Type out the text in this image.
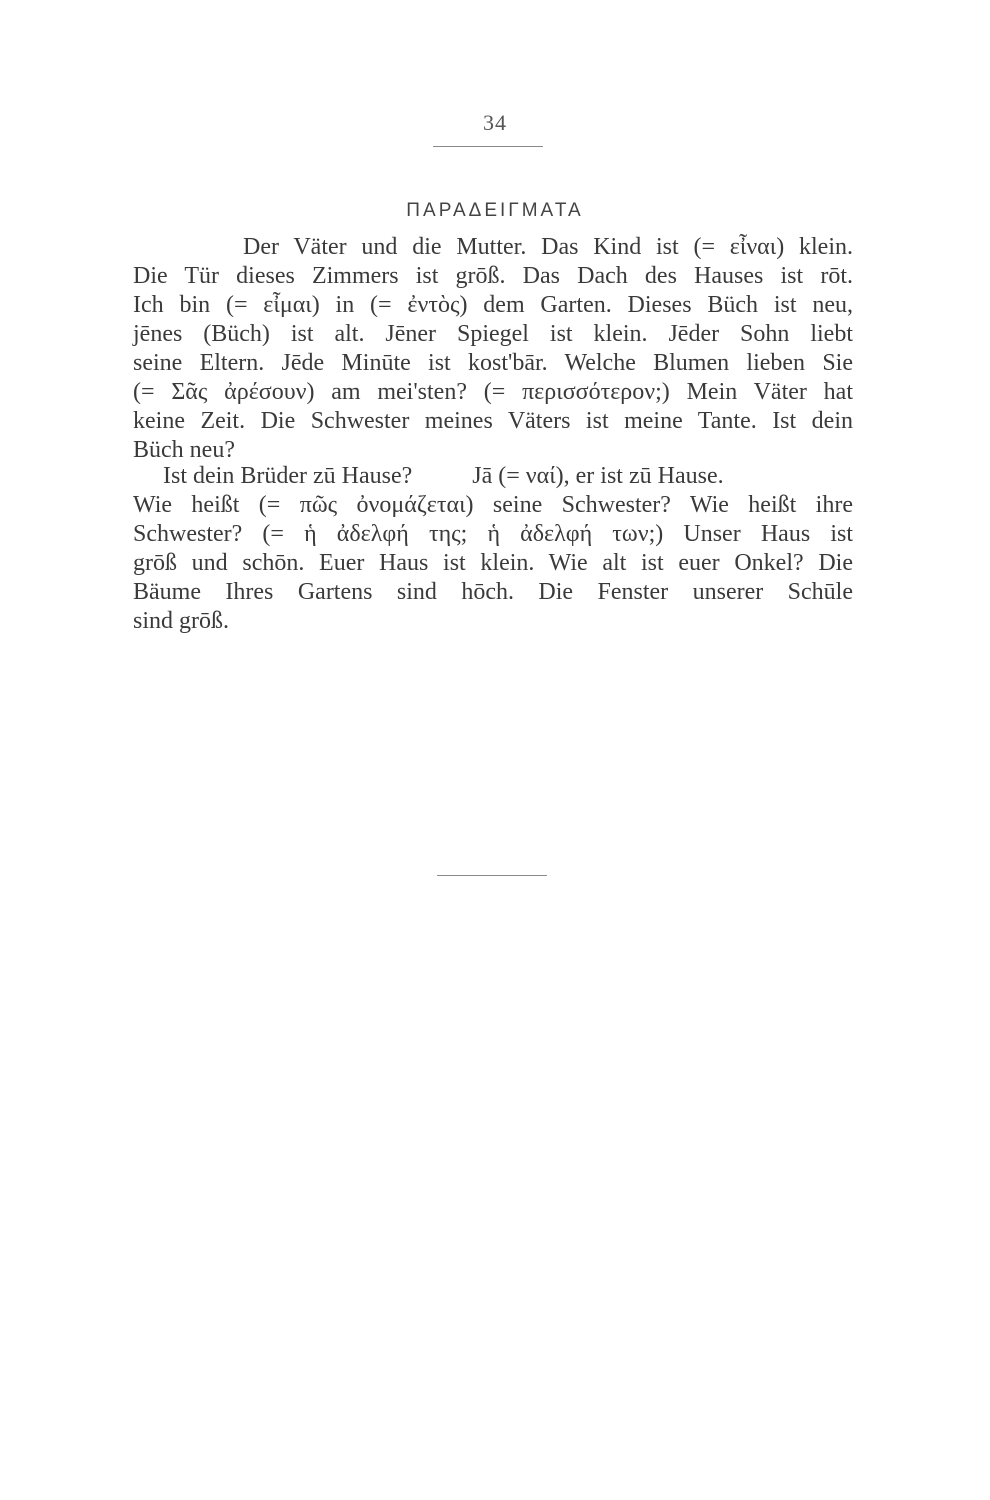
34
ΠΑΡΑΔΕΙΓΜΑΤΑ
Der Väter und die Mutter. Das Kind ist (= εἶναι) klein.
Die Tür dieses Zimmers ist grōß. Das Dach des Hauses ist rōt.
Ich bin (= εἶμαι) in (= ἐντὸς) dem Garten. Dieses Büch ist neu,
jēnes (Büch) ist alt. Jēner Spiegel ist klein. Jēder Sohn liebt
seine Eltern. Jēde Minūte ist kost'bār. Welche Blumen lieben Sie
(= Σᾶς ἀρέσουν) am mei'sten? (= περισσότερον;) Mein Väter hat
keine Zeit. Die Schwester meines Väters ist meine Tante. Ist dein
Büch neu?
Ist dein Brüder zū Hause?          Jā (= ναί), er ist zū Hause.
Wie heißt (= πῶς ὀνομάζεται) seine Schwester? Wie heißt ihre
Schwester? (= ἡ ἀδελφή της; ἡ ἀδελφή των;) Unser Haus ist
grōß und schōn. Euer Haus ist klein. Wie alt ist euer Onkel? Die
Bäume Ihres Gartens sind hōch. Die Fenster unserer Schūle
sind grōß.
